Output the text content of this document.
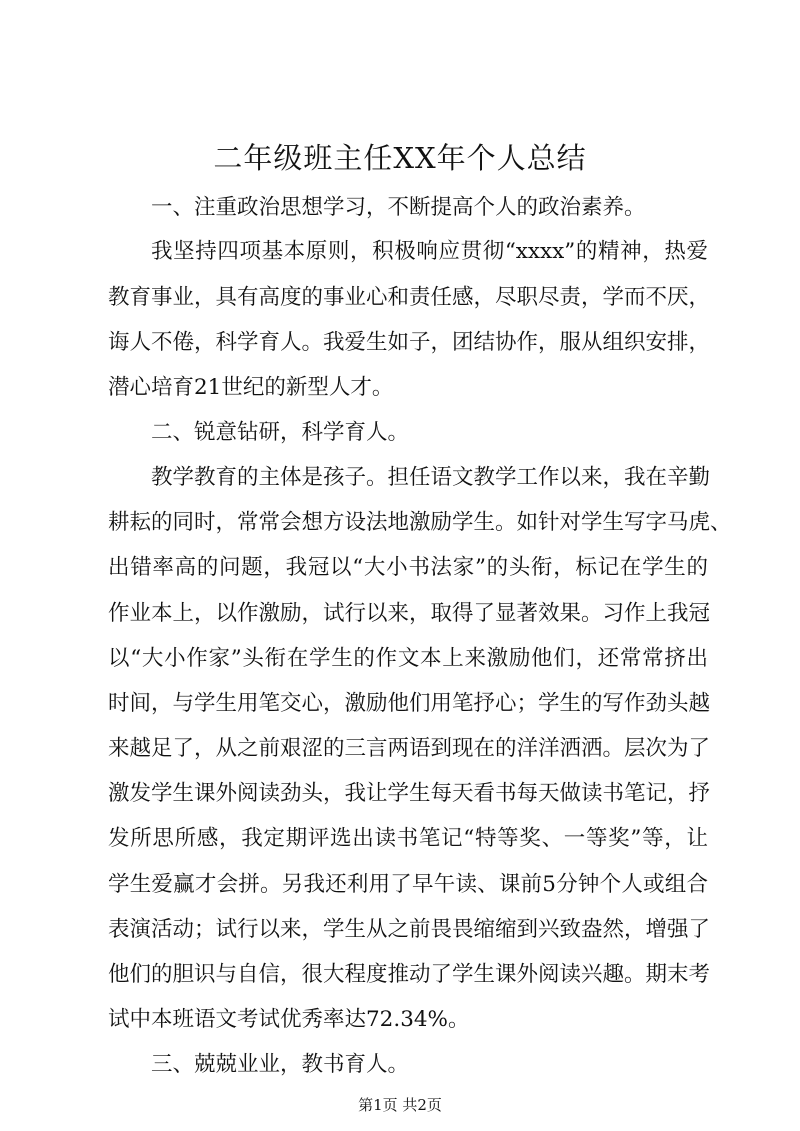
二年级班主任XX年个人总结
一、注重政治思想学习，不断提高个人的政治素养。
我坚持四项基本原则，积极响应贯彻“xxxx”的精神，热爱
教育事业，具有高度的事业心和责任感，尽职尽责，学而不厌，
诲人不倦，科学育人。我爱生如子，团结协作，服从组织安排，
潜心培育21世纪的新型人才。
二、锐意钻研，科学育人。
教学教育的主体是孩子。担任语文教学工作以来，我在辛勤
耕耘的同时，常常会想方设法地激励学生。如针对学生写字马虎、
出错率高的问题，我冠以“大小书法家”的头衔，标记在学生的
作业本上，以作激励，试行以来，取得了显著效果。习作上我冠
以“大小作家”头衔在学生的作文本上来激励他们，还常常挤出
时间，与学生用笔交心，激励他们用笔抒心；学生的写作劲头越
来越足了，从之前艰涩的三言两语到现在的洋洋洒洒。层次为了
激发学生课外阅读劲头，我让学生每天看书每天做读书笔记，抒
发所思所感，我定期评选出读书笔记“特等奖、一等奖”等，让
学生爱赢才会拼。另我还利用了早午读、课前5分钟个人或组合
表演活动；试行以来，学生从之前畏畏缩缩到兴致盎然，增强了
他们的胆识与自信，很大程度推动了学生课外阅读兴趣。期末考
试中本班语文考试优秀率达72.34%。
三、兢兢业业，教书育人。
第1页 共2页
